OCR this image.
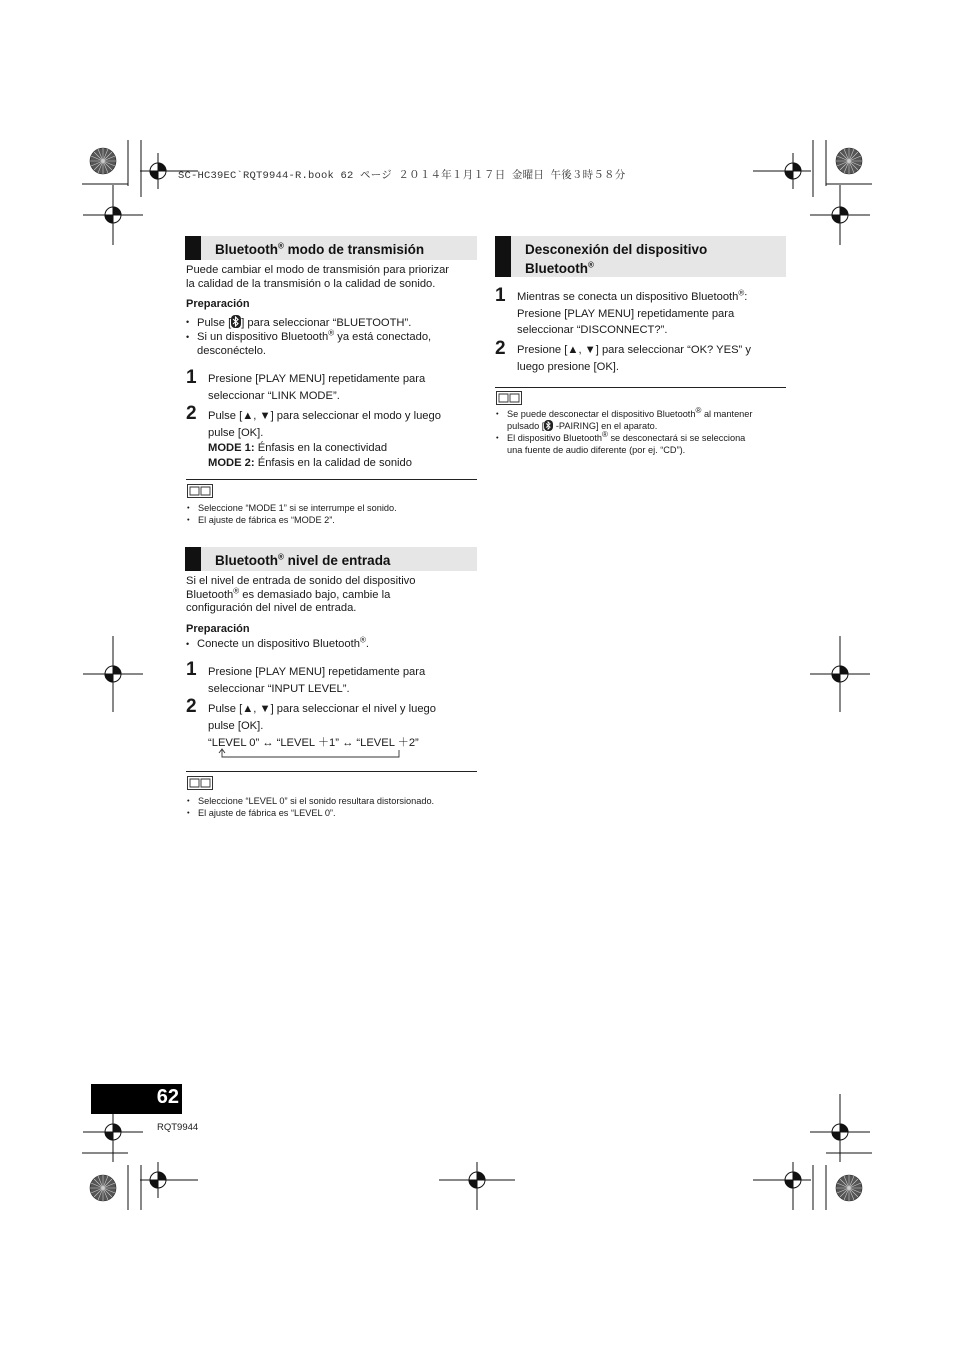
SC-HC39EC`RQT9944-R.book 62 ページ ２０１４年１月１７日 金曜日 午後３時５８分
Bluetooth® modo de transmisión
Puede cambiar el modo de transmisión para priorizar
la calidad de la transmisión o la calidad de sonido.
Preparación
• Pulse [ ] para seleccionar “BLUETOOTH”.
• Si un dispositivo Bluetooth® ya está conectado,
desconéctelo.
1 Presione [PLAY MENU] repetidamente para
seleccionar “LINK MODE”.
2 Pulse [▲, ▼] para seleccionar el modo y luego
pulse [OK].
MODE 1: Énfasis en la conectividad
MODE 2: Énfasis en la calidad de sonido
• Seleccione “MODE 1” si se interrumpe el sonido.
• El ajuste de fábrica es “MODE 2”.
Bluetooth® nivel de entrada
Si el nivel de entrada de sonido del dispositivo
Bluetooth® es demasiado bajo, cambie la
configuración del nivel de entrada.
Preparación
• Conecte un dispositivo Bluetooth®.
1 Presione [PLAY MENU] repetidamente para
seleccionar “INPUT LEVEL”.
2 Pulse [▲, ▼] para seleccionar el nivel y luego
pulse [OK].
“LEVEL 0” ↔ “LEVEL ＋1” ↔ “LEVEL ＋2”
• Seleccione “LEVEL 0” si el sonido resultara distorsionado.
• El ajuste de fábrica es “LEVEL 0”.
Desconexión del dispositivo
Bluetooth®
1 Mientras se conecta un dispositivo Bluetooth®:
Presione [PLAY MENU] repetidamente para
seleccionar “DISCONNECT?”.
2 Presione [▲, ▼] para seleccionar “OK? YES” y
luego presione [OK].
• Se puede desconectar el dispositivo Bluetooth® al mantener
pulsado [
-PAIRING] en el aparato.
• El dispositivo Bluetooth® se desconectará si se selecciona
una fuente de audio diferente (por ej. “CD”).
62
RQT9944
